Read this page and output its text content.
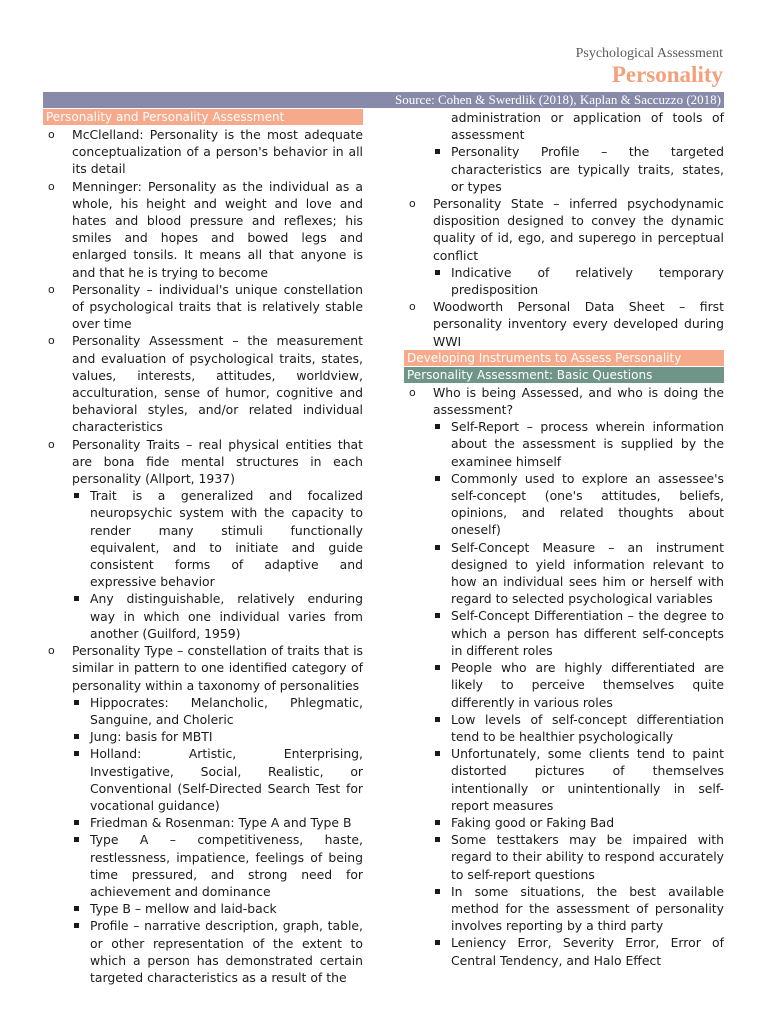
Psychological Assessment
Personality
Source: Cohen & Swerdlik (2018), Kaplan & Saccuzzo (2018)
Personality and Personality Assessment
o McClelland: Personality is the most adequate conceptualization of a person's behavior in all its detail
o Menninger: Personality as the individual as a whole, his height and weight and love and hates and blood pressure and reflexes; his smiles and hopes and bowed legs and enlarged tonsils. It means all that anyone is and that he is trying to become
o Personality – individual's unique constellation of psychological traits that is relatively stable over time
o Personality Assessment – the measurement and evaluation of psychological traits, states, values, interests, attitudes, worldview, acculturation, sense of humor, cognitive and behavioral styles, and/or related individual characteristics
o Personality Traits – real physical entities that are bona fide mental structures in each personality (Allport, 1937)
Trait is a generalized and focalized neuropsychic system with the capacity to render many stimuli functionally equivalent, and to initiate and guide consistent forms of adaptive and expressive behavior
Any distinguishable, relatively enduring way in which one individual varies from another (Guilford, 1959)
o Personality Type – constellation of traits that is similar in pattern to one identified category of personality within a taxonomy of personalities
Hippocrates: Melancholic, Phlegmatic, Sanguine, and Choleric
Jung: basis for MBTI
Holland: Artistic, Enterprising, Investigative, Social, Realistic, or Conventional (Self-Directed Search Test for vocational guidance)
Friedman & Rosenman: Type A and Type B
Type A – competitiveness, haste, restlessness, impatience, feelings of being time pressured, and strong need for achievement and dominance
Type B – mellow and laid-back
Profile – narrative description, graph, table, or other representation of the extent to which a person has demonstrated certain targeted characteristics as a result of the
administration or application of tools of assessment
Personality Profile – the targeted characteristics are typically traits, states, or types
o Personality State – inferred psychodynamic disposition designed to convey the dynamic quality of id, ego, and superego in perceptual conflict
Indicative of relatively temporary predisposition
o Woodworth Personal Data Sheet – first personality inventory every developed during WWI
Developing Instruments to Assess Personality
Personality Assessment: Basic Questions
o Who is being Assessed, and who is doing the assessment?
Self-Report – process wherein information about the assessment is supplied by the examinee himself
Commonly used to explore an assessee's self-concept (one's attitudes, beliefs, opinions, and related thoughts about oneself)
Self-Concept Measure – an instrument designed to yield information relevant to how an individual sees him or herself with regard to selected psychological variables
Self-Concept Differentiation – the degree to which a person has different self-concepts in different roles
People who are highly differentiated are likely to perceive themselves quite differently in various roles
Low levels of self-concept differentiation tend to be healthier psychologically
Unfortunately, some clients tend to paint distorted pictures of themselves intentionally or unintentionally in self-report measures
Faking good or Faking Bad
Some testtakers may be impaired with regard to their ability to respond accurately to self-report questions
In some situations, the best available method for the assessment of personality involves reporting by a third party
Leniency Error, Severity Error, Error of Central Tendency, and Halo Effect
